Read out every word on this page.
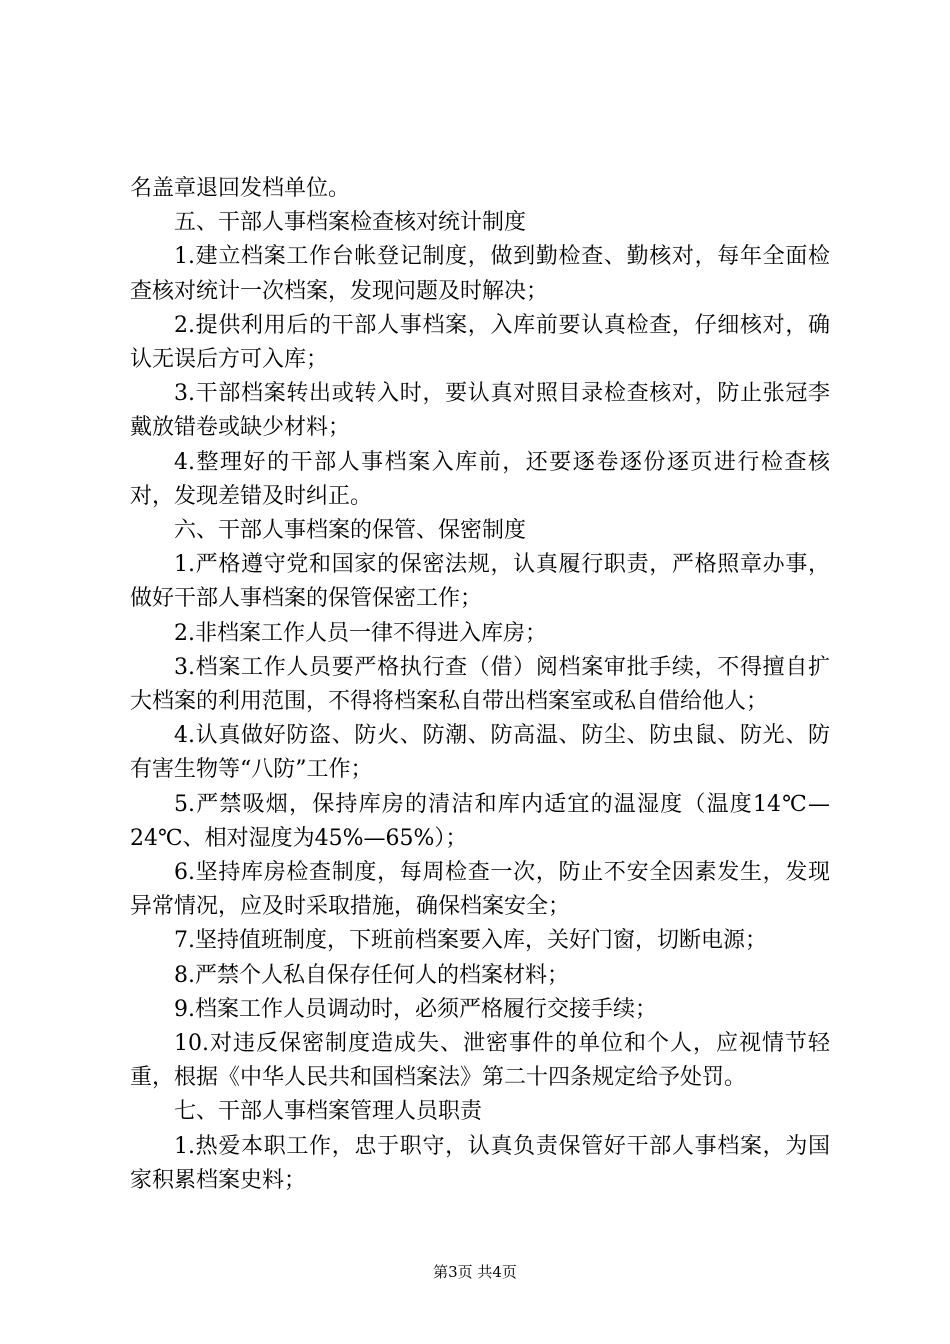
名盖章退回发档单位。

五、干部人事档案检查核对统计制度

1.建立档案工作台帐登记制度，做到勤检查、勤核对，每年全面检查核对统计一次档案，发现问题及时解决；

2.提供利用后的干部人事档案，入库前要认真检查，仔细核对，确认无误后方可入库；

3.干部档案转出或转入时，要认真对照目录检查核对，防止张冠李戴放错卷或缺少材料；

4.整理好的干部人事档案入库前，还要逐卷逐份逐页进行检查核对，发现差错及时纠正。

六、干部人事档案的保管、保密制度

1.严格遵守党和国家的保密法规，认真履行职责，严格照章办事，做好干部人事档案的保管保密工作；

2.非档案工作人员一律不得进入库房；

3.档案工作人员要严格执行查（借）阅档案审批手续，不得擅自扩大档案的利用范围，不得将档案私自带出档案室或私自借给他人；

4.认真做好防盗、防火、防潮、防高温、防尘、防虫鼠、防光、防有害生物等“八防”工作；

5.严禁吸烟，保持库房的清洁和库内适宜的温湿度（温度14℃—24℃、相对湿度为45%—65%）；

6.坚持库房检查制度，每周检查一次，防止不安全因素发生，发现异常情况，应及时采取措施，确保档案安全；

7.坚持值班制度，下班前档案要入库，关好门窗，切断电源；

8.严禁个人私自保存任何人的档案材料；

9.档案工作人员调动时，必须严格履行交接手续；

10.对违反保密制度造成失、泄密事件的单位和个人，应视情节轻重，根据《中华人民共和国档案法》第二十四条规定给予处罚。

七、干部人事档案管理人员职责

1.热爱本职工作，忠于职守，认真负责保管好干部人事档案，为国家积累档案史料；

第3页 共4页
